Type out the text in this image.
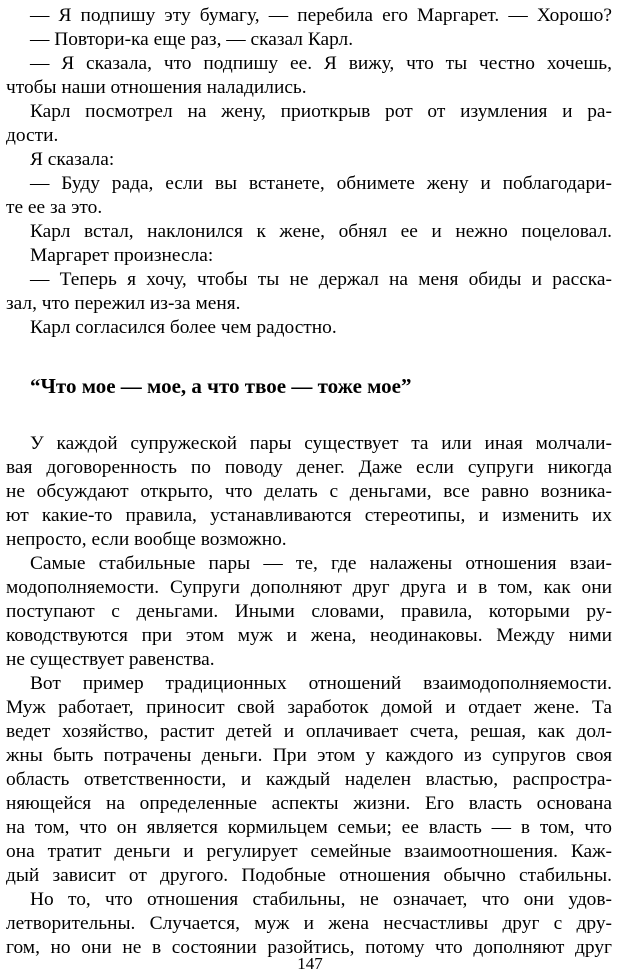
— Я подпишу эту бумагу, — перебила его Маргарет. — Хорошо?
— Повтори-ка еще раз, — сказал Карл.
— Я сказала, что подпишу ее. Я вижу, что ты честно хочешь,
чтобы наши отношения наладились.
Карл посмотрел на жену, приоткрыв рот от изумления и ра-
дости.
Я сказала:
— Буду рада, если вы встанете, обнимете жену и поблагодари-
те ее за это.
Карл встал, наклонился к жене, обнял ее и нежно поцеловал.
Маргарет произнесла:
— Теперь я хочу, чтобы ты не держал на меня обиды и расска-
зал, что пережил из-за меня.
Карл согласился более чем радостно.
“Что мое — мое, а что твое — тоже мое”
У каждой супружеской пары существует та или иная молчали-
вая договоренность по поводу денег. Даже если супруги никогда
не обсуждают открыто, что делать с деньгами, все равно возника-
ют какие-то правила, устанавливаются стереотипы, и изменить их
непросто, если вообще возможно.
Самые стабильные пары — те, где налажены отношения взаи-
модополняемости. Супруги дополняют друг друга и в том, как они
поступают с деньгами. Иными словами, правила, которыми ру-
ководствуются при этом муж и жена, неодинаковы. Между ними
не существует равенства.
Вот пример традиционных отношений взаимодополняемости.
Муж работает, приносит свой заработок домой и отдает жене. Та
ведет хозяйство, растит детей и оплачивает счета, решая, как дол-
жны быть потрачены деньги. При этом у каждого из супругов своя
область ответственности, и каждый наделен властью, распростра-
няющейся на определенные аспекты жизни. Его власть основана
на том, что он является кормильцем семьи; ее власть — в том, что
она тратит деньги и регулирует семейные взаимоотношения. Каж-
дый зависит от другого. Подобные отношения обычно стабильны.
Но то, что отношения стабильны, не означает, что они удов-
летворительны. Случается, муж и жена несчастливы друг с дру-
гом, но они не в состоянии разойтись, потому что дополняют друг
147
